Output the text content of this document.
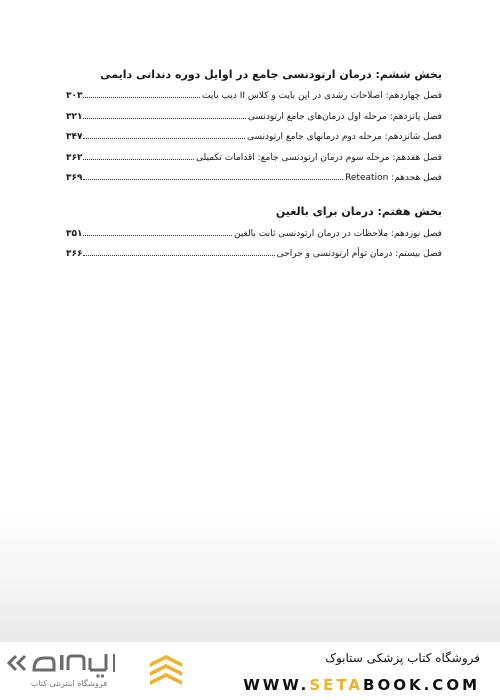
بخش ششم: درمان ارتودنسی جامع در اوایل دوره دندانی دایمی
فصل چهاردهم: اصلاحات رشدی در اپن بایت و کلاس II دیپ بایت
۳۰۳
فصل پانزدهم: مرحله اول درمان‌های جامع ارتودنسی
۳۲۱
فصل شانزدهم: مرحله دوم درمانهای جامع ارتودنسی
۳۴۷
فصل هفدهم: مرحله سوم درمان ارتودنسی جامع: اقدامات تکمیلی
۳۶۲
فصل هجدهم: Reteation
۳۶۹
بخش هفتم: درمان برای بالغین
فصل نوزدهم: ملاحظات در درمان ارتودنسی ثابت بالغین
۳۵۱
فصل بیستم: درمان توأم ارتودنسی و جراحی
۳۶۶
فروشگاه اینترنتی کتاب
فروشگاه کتاب پزشکی ستابوک
WWW.SETABOOK.COM
